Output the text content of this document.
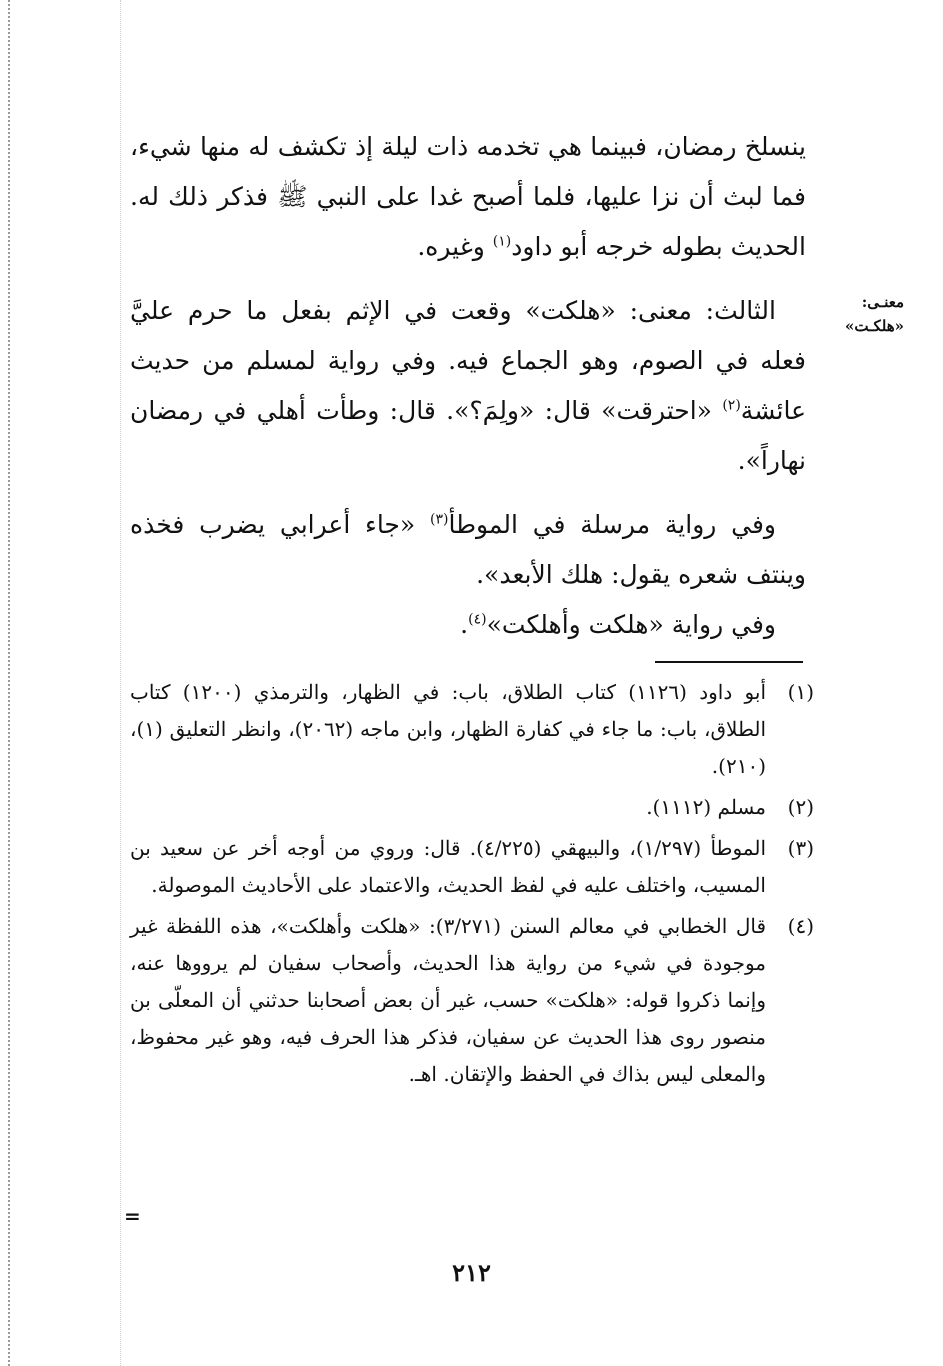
معنـى:
«هلكـت»

ينسلخ رمضان، فبينما هي تخدمه ذات ليلة إذ تكشف له منها شيء، فما لبث أن نزا عليها، فلما أصبح غدا على النبي ﷺ فذكر ذلك له. الحديث بطوله خرجه أبو داود$^{(١)}$ وغيره.

الثالث: معنى: «هلكت» وقعت في الإثم بفعل ما حرم عليَّ فعله في الصوم، وهو الجماع فيه. وفي رواية لمسلم من حديث عائشة$^{(٢)}$ «احترقت» قال: «ولِمَ؟». قال: وطأت أهلي في رمضان نهاراً».

وفي رواية مرسلة في الموطأ$^{(٣)}$ «جاء أعرابي يضرب فخذه وينتف شعره يقول: هلك الأبعد».

وفي رواية «هلكت وأهلكت»$^{(٤)}$.

(١)
أبو داود (١١٢٦) كتاب الطلاق، باب: في الظهار، والترمذي (١٢٠٠) كتاب الطلاق، باب: ما جاء في كفارة الظهار، وابن ماجه (٢٠٦٢)، وانظر التعليق (١)، (٢١٠).
(٢)
مسلم (١١١٢).
(٣)
الموطأ (١/٢٩٧)، والبيهقي (٤/٢٢٥). قال: وروي من أوجه أخر عن سعيد بن المسيب، واختلف عليه في لفظ الحديث، والاعتماد على الأحاديث الموصولة.
(٤)
قال الخطابي في معالم السنن (٣/٢٧١): «هلكت وأهلكت»، هذه اللفظة غير موجودة في شيء من رواية هذا الحديث، وأصحاب سفيان لم يرووها عنه، وإنما ذكروا قوله: «هلكت» حسب، غير أن بعض أصحابنا حدثني أن المعلّى بن منصور روى هذا الحديث عن سفيان، فذكر هذا الحرف فيه، وهو غير محفوظ، والمعلى ليس بذاك في الحفظ والإتقان. اهـ.
=
٢١٢
